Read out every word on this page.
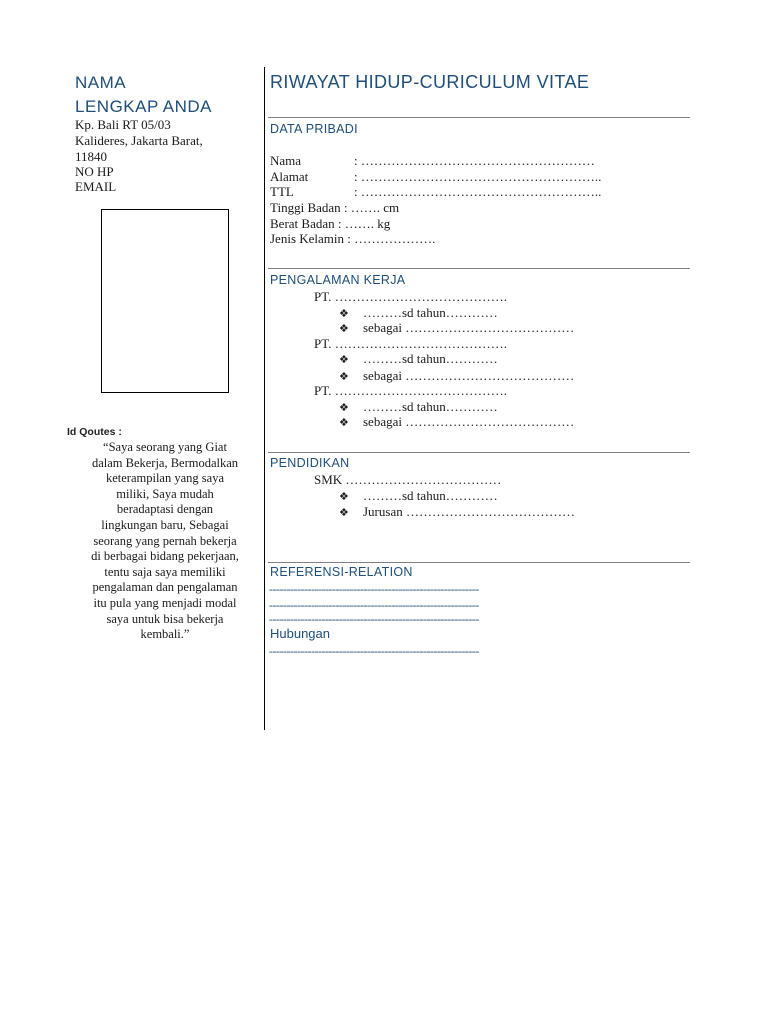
NAMA
LENGKAP ANDA
Kp. Bali RT 05/03
Kalideres, Jakarta Barat,
11840
NO HP
EMAIL
Id Qoutes :
“Saya seorang yang Giat
dalam Bekerja, Bermodalkan
keterampilan yang saya
miliki, Saya mudah
beradaptasi dengan
lingkungan baru, Sebagai
seorang yang pernah bekerja
di berbagai bidang pekerjaan,
tentu saja saya memiliki
pengalaman dan pengalaman
itu pula yang menjadi modal
saya untuk bisa bekerja
kembali.”
RIWAYAT HIDUP-CURICULUM VITAE
DATA PRIBADI
Nama	: ………………………………………………
Alamat	: ………………………………………………..
TTL	: ………………………………………………..
Tinggi Badan : ……. cm
Berat Badan : ……. kg
Jenis Kelamin : ……………….
PENGALAMAN KERJA
PT. ………………………………….
❖ ………sd tahun…………
❖ sebagai …………………………………
PT. ………………………………….
❖ ………sd tahun…………
❖ sebagai …………………………………
PT. ………………………………….
❖ ………sd tahun…………
❖ sebagai …………………………………
PENDIDIKAN
SMK ………………………………
❖ ………sd tahun…………
❖ Jurusan …………………………………
REFERENSI-RELATION
------------------------------------------------------------
------------------------------------------------------------
------------------------------------------------------------
Hubungan
------------------------------------------------------------
